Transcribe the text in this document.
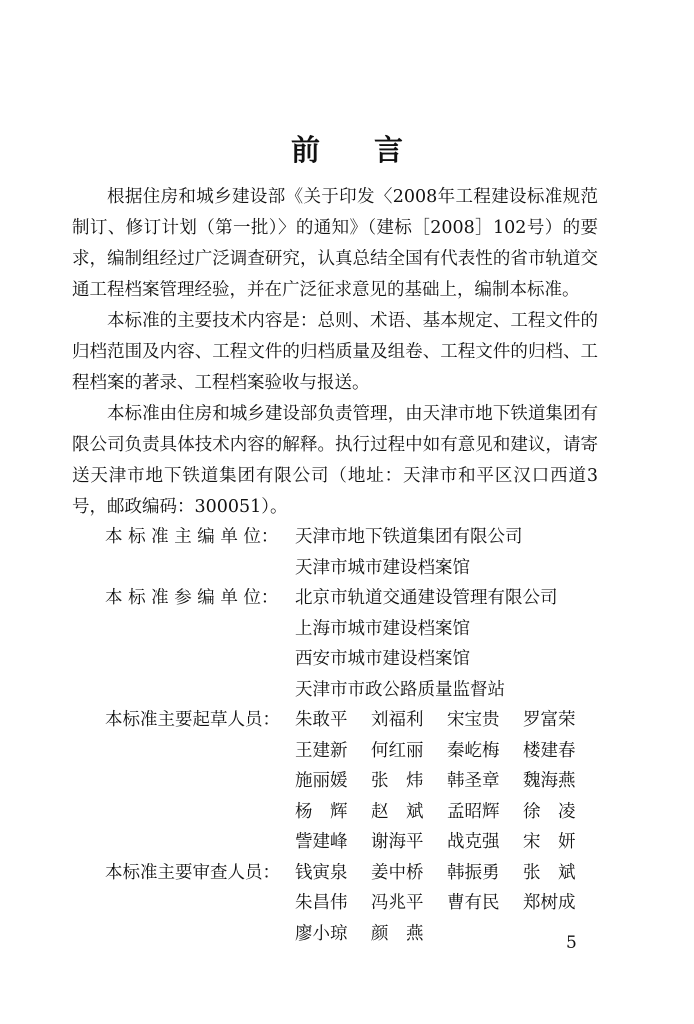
前 言

根据住房和城乡建设部《关于印发〈2008年工程建设标准规范制订、修订计划（第一批）〉的通知》（建标［2008］102号）的要求，编制组经过广泛调查研究，认真总结全国有代表性的省市轨道交通工程档案管理经验，并在广泛征求意见的基础上，编制本标准。

本标准的主要技术内容是：总则、术语、基本规定、工程文件的归档范围及内容、工程文件的归档质量及组卷、工程文件的归档、工程档案的著录、工程档案验收与报送。

本标准由住房和城乡建设部负责管理，由天津市地下铁道集团有限公司负责具体技术内容的解释。执行过程中如有意见和建议，请寄送天津市地下铁道集团有限公司（地址：天津市和平区汉口西道3号，邮政编码：300051）。

本 标 准 主 编 单 位： 天津市地下铁道集团有限公司
天津市城市建设档案馆
本 标 准 参 编 单 位： 北京市轨道交通建设管理有限公司
上海市城市建设档案馆
西安市城市建设档案馆
天津市市政公路质量监督站
本标准主要起草人员： 朱敢平	刘福利	宋宝贵	罗富荣
王建新	何红丽	秦屹梅	楼建春
施丽媛	张　炜	韩圣章	魏海燕
杨　辉	赵　斌	孟昭辉	徐　凌
訾建峰	谢海平	战克强	宋　妍
本标准主要审查人员： 钱寅泉	姜中桥	韩振勇	张　斌
朱昌伟	冯兆平	曹有民	郑树成
廖小琼	颜　燕	5
